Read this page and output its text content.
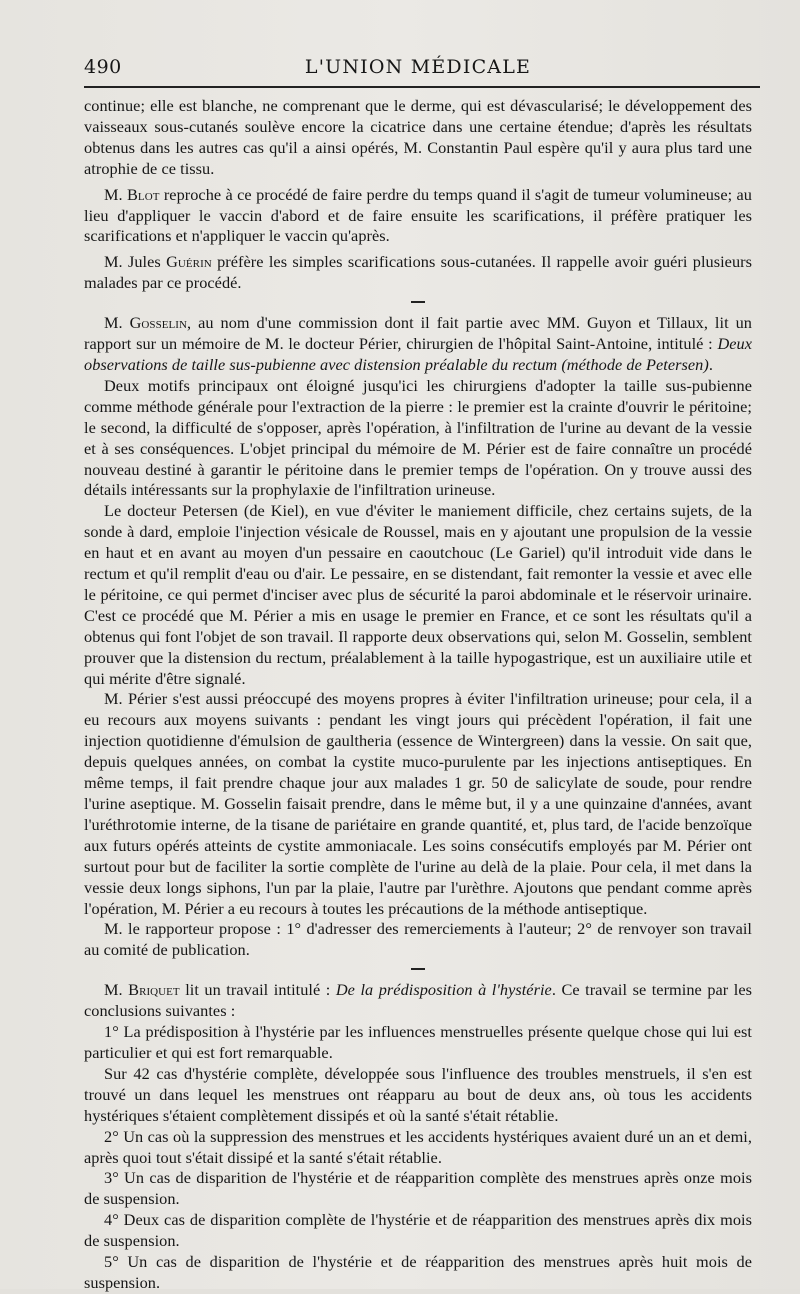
490	L'UNION MÉDICALE

continue; elle est blanche, ne comprenant que le derme, qui est dévascularisé; le développement des vaisseaux sous-cutanés soulève encore la cicatrice dans une certaine étendue; d'après les résultats obtenus dans les autres cas qu'il a ainsi opérés, M. Constantin Paul espère qu'il y aura plus tard une atrophie de ce tissu.

M. Blot reproche à ce procédé de faire perdre du temps quand il s'agit de tumeur volumineuse; au lieu d'appliquer le vaccin d'abord et de faire ensuite les scarifications, il préfère pratiquer les scarifications et n'appliquer le vaccin qu'après.

M. Jules Guérin préfère les simples scarifications sous-cutanées. Il rappelle avoir guéri plusieurs malades par ce procédé.

M. Gosselin, au nom d'une commission dont il fait partie avec MM. Guyon et Tillaux, lit un rapport sur un mémoire de M. le docteur Périer, chirurgien de l'hôpital Saint-Antoine, intitulé : Deux observations de taille sus-pubienne avec distension préalable du rectum (méthode de Petersen).

Deux motifs principaux ont éloigné jusqu'ici les chirurgiens d'adopter la taille sus-pubienne comme méthode générale pour l'extraction de la pierre : le premier est la crainte d'ouvrir le péritoine; le second, la difficulté de s'opposer, après l'opération, à l'infiltration de l'urine au devant de la vessie et à ses conséquences. L'objet principal du mémoire de M. Périer est de faire connaître un procédé nouveau destiné à garantir le péritoine dans le premier temps de l'opération. On y trouve aussi des détails intéressants sur la prophylaxie de l'infiltration urineuse.

Le docteur Petersen (de Kiel), en vue d'éviter le maniement difficile, chez certains sujets, de la sonde à dard, emploie l'injection vésicale de Roussel, mais en y ajoutant une propulsion de la vessie en haut et en avant au moyen d'un pessaire en caoutchouc (Le Gariel) qu'il introduit vide dans le rectum et qu'il remplit d'eau ou d'air. Le pessaire, en se distendant, fait remonter la vessie et avec elle le péritoine, ce qui permet d'inciser avec plus de sécurité la paroi abdominale et le réservoir urinaire. C'est ce procédé que M. Périer a mis en usage le premier en France, et ce sont les résultats qu'il a obtenus qui font l'objet de son travail. Il rapporte deux observations qui, selon M. Gosselin, semblent prouver que la distension du rectum, préalablement à la taille hypogastrique, est un auxiliaire utile et qui mérite d'être signalé.

M. Périer s'est aussi préoccupé des moyens propres à éviter l'infiltration urineuse; pour cela, il a eu recours aux moyens suivants : pendant les vingt jours qui précèdent l'opération, il fait une injection quotidienne d'émulsion de gaultheria (essence de Wintergreen) dans la vessie. On sait que, depuis quelques années, on combat la cystite muco-purulente par les injections antiseptiques. En même temps, il fait prendre chaque jour aux malades 1 gr. 50 de salicylate de soude, pour rendre l'urine aseptique. M. Gosselin faisait prendre, dans le même but, il y a une quinzaine d'années, avant l'uréthrotomie interne, de la tisane de pariétaire en grande quantité, et, plus tard, de l'acide benzoïque aux futurs opérés atteints de cystite ammoniacale. Les soins consécutifs employés par M. Périer ont surtout pour but de faciliter la sortie complète de l'urine au delà de la plaie. Pour cela, il met dans la vessie deux longs siphons, l'un par la plaie, l'autre par l'urèthre. Ajoutons que pendant comme après l'opération, M. Périer a eu recours à toutes les précautions de la méthode antiseptique.

M. le rapporteur propose : 1° d'adresser des remerciements à l'auteur; 2° de renvoyer son travail au comité de publication.

M. Briquet lit un travail intitulé : De la prédisposition à l'hystérie. Ce travail se termine par les conclusions suivantes :

1° La prédisposition à l'hystérie par les influences menstruelles présente quelque chose qui lui est particulier et qui est fort remarquable.

Sur 42 cas d'hystérie complète, développée sous l'influence des troubles menstruels, il s'en est trouvé un dans lequel les menstrues ont réapparu au bout de deux ans, où tous les accidents hystériques s'étaient complètement dissipés et où la santé s'était rétablie.

2° Un cas où la suppression des menstrues et les accidents hystériques avaient duré un an et demi, après quoi tout s'était dissipé et la santé s'était rétablie.

3° Un cas de disparition de l'hystérie et de réapparition complète des menstrues après onze mois de suspension.

4° Deux cas de disparition complète de l'hystérie et de réapparition des menstrues après dix mois de suspension.

5° Un cas de disparition de l'hystérie et de réapparition des menstrues après huit mois de suspension.
